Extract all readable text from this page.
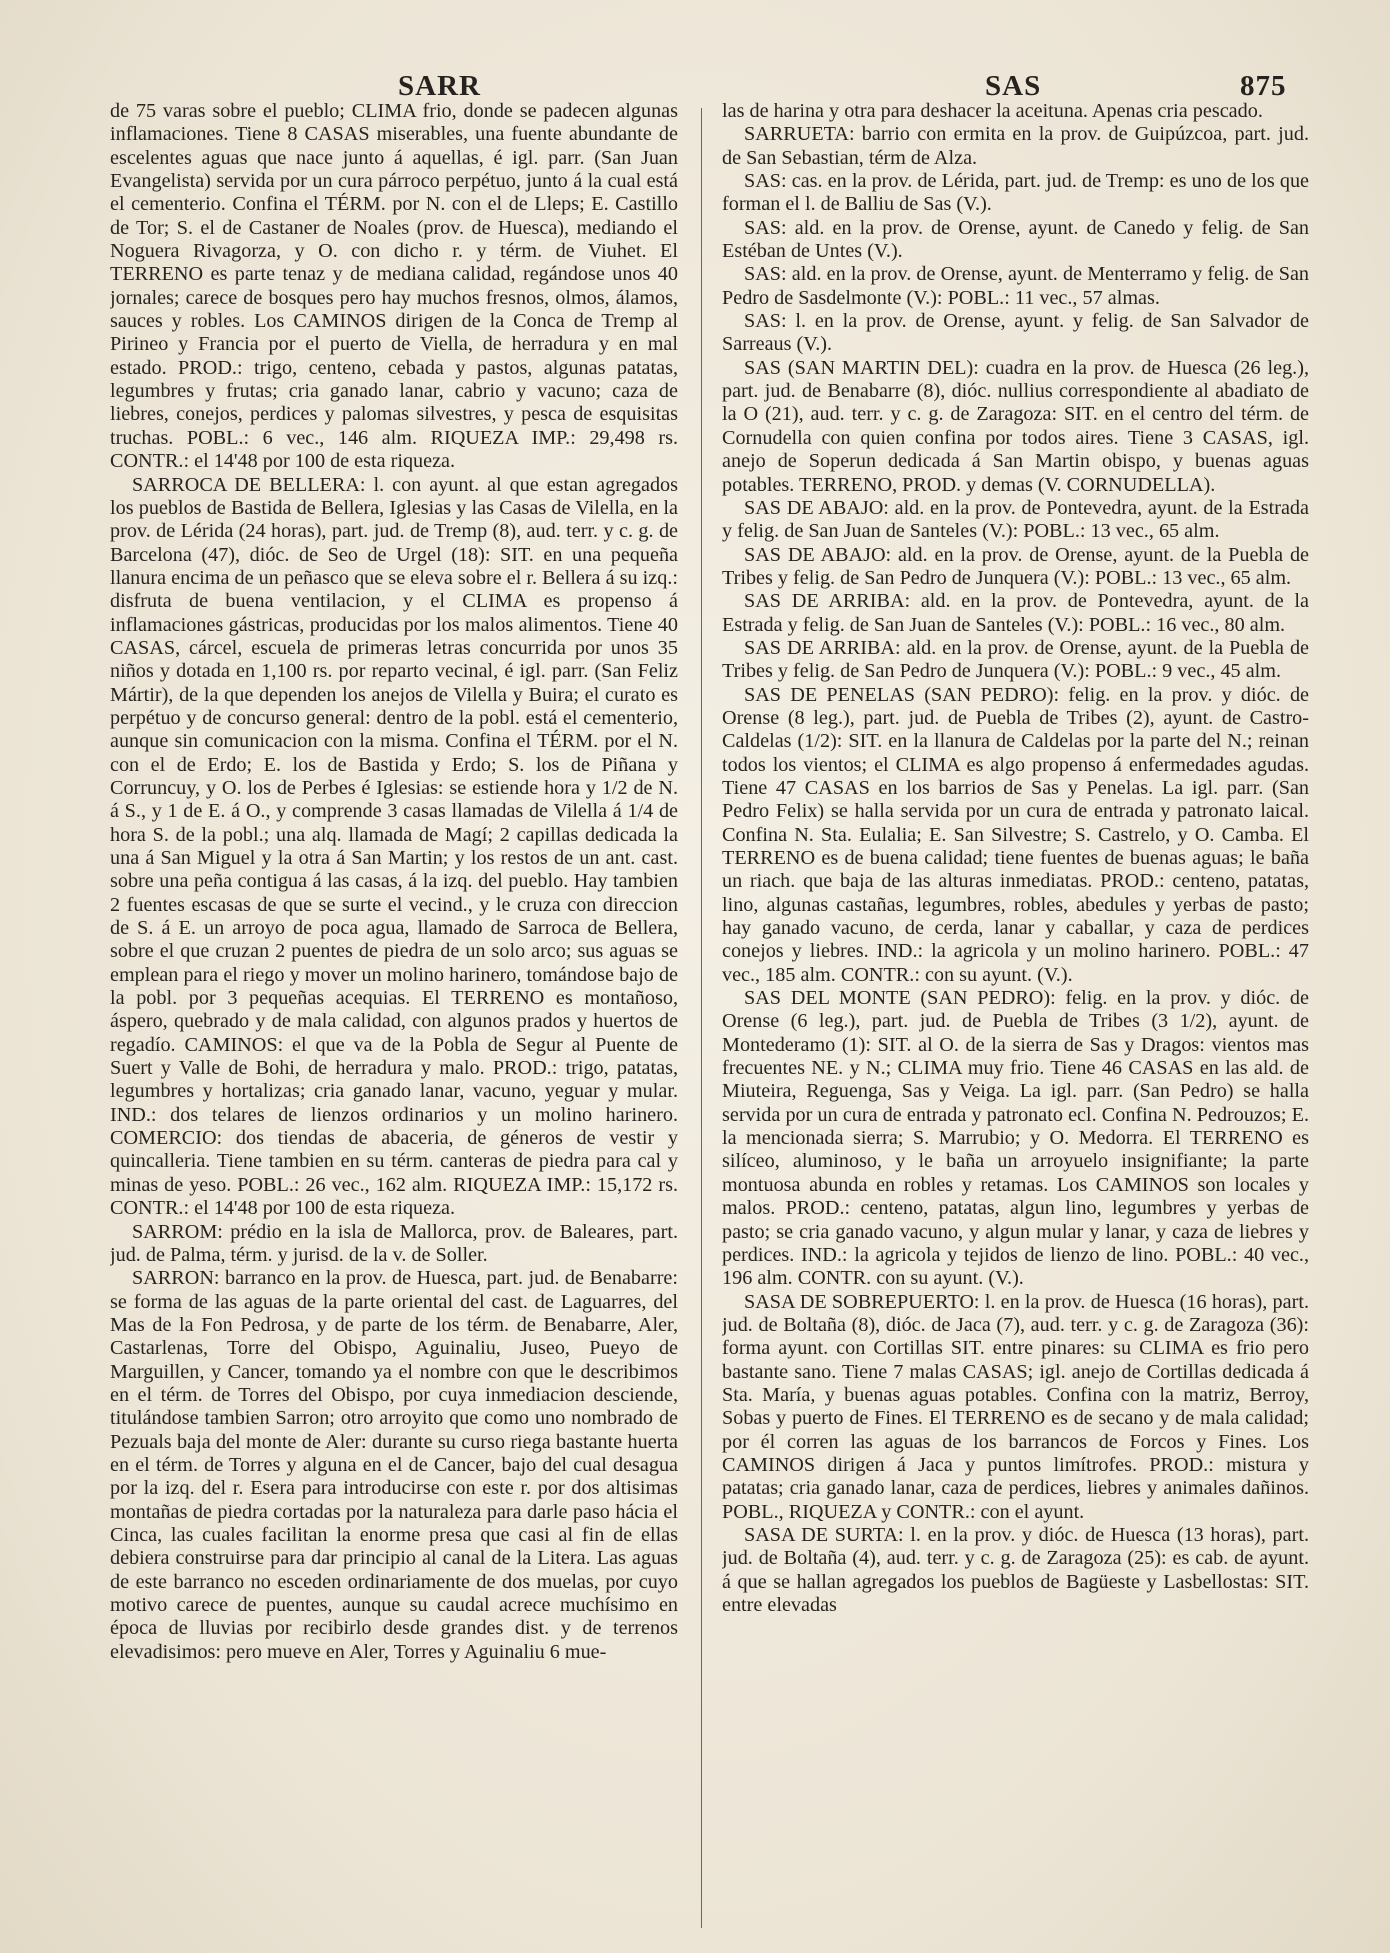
SARR	SAS	875

de 75 varas sobre el pueblo; CLIMA frio, donde se padecen algunas inflamaciones. Tiene 8 CASAS miserables, una fuente abundante de escelentes aguas que nace junto á aquellas, é igl. parr. (San Juan Evangelista) servida por un cura párroco perpétuo, junto á la cual está el cementerio. Confina el TÉRM. por N. con el de Lleps; E. Castillo de Tor; S. el de Castaner de Noales (prov. de Huesca), mediando el Noguera Rivagorza, y O. con dicho r. y térm. de Viuhet. El TERRENO es parte tenaz y de mediana calidad, regándose unos 40 jornales; carece de bosques pero hay muchos fresnos, olmos, álamos, sauces y robles. Los CAMINOS dirigen de la Conca de Tremp al Pirineo y Francia por el puerto de Viella, de herradura y en mal estado. PROD.: trigo, centeno, cebada y pastos, algunas patatas, legumbres y frutas; cria ganado lanar, cabrio y vacuno; caza de liebres, conejos, perdices y palomas silvestres, y pesca de esquisitas truchas. POBL.: 6 vec., 146 alm. RIQUEZA IMP.: 29,498 rs. CONTR.: el 14'48 por 100 de esta riqueza.

SARROCA DE BELLERA: l. con ayunt. al que estan agregados los pueblos de Bastida de Bellera, Iglesias y las Casas de Vilella, en la prov. de Lérida (24 horas), part. jud. de Tremp (8), aud. terr. y c. g. de Barcelona (47), dióc. de Seo de Urgel (18): SIT. en una pequeña llanura encima de un peñasco que se eleva sobre el r. Bellera á su izq.: disfruta de buena ventilacion, y el CLIMA es propenso á inflamaciones gástricas, producidas por los malos alimentos. Tiene 40 CASAS, cárcel, escuela de primeras letras concurrida por unos 35 niños y dotada en 1,100 rs. por reparto vecinal, é igl. parr. (San Feliz Mártir), de la que dependen los anejos de Vilella y Buira; el curato es perpétuo y de concurso general: dentro de la pobl. está el cementerio, aunque sin comunicacion con la misma. Confina el TÉRM. por el N. con el de Erdo; E. los de Bastida y Erdo; S. los de Piñana y Corruncuy, y O. los de Perbes é Iglesias: se estiende hora y 1/2 de N. á S., y 1 de E. á O., y comprende 3 casas llamadas de Vilella á 1/4 de hora S. de la pobl.; una alq. llamada de Magí; 2 capillas dedicada la una á San Miguel y la otra á San Martin; y los restos de un ant. cast. sobre una peña contigua á las casas, á la izq. del pueblo. Hay tambien 2 fuentes escasas de que se surte el vecind., y le cruza con direccion de S. á E. un arroyo de poca agua, llamado de Sarroca de Bellera, sobre el que cruzan 2 puentes de piedra de un solo arco; sus aguas se emplean para el riego y mover un molino harinero, tomándose bajo de la pobl. por 3 pequeñas acequias. El TERRENO es montañoso, áspero, quebrado y de mala calidad, con algunos prados y huertos de regadío. CAMINOS: el que va de la Pobla de Segur al Puente de Suert y Valle de Bohi, de herradura y malo. PROD.: trigo, patatas, legumbres y hortalizas; cria ganado lanar, vacuno, yeguar y mular. IND.: dos telares de lienzos ordinarios y un molino harinero. COMERCIO: dos tiendas de abaceria, de géneros de vestir y quincalleria. Tiene tambien en su térm. canteras de piedra para cal y minas de yeso. POBL.: 26 vec., 162 alm. RIQUEZA IMP.: 15,172 rs. CONTR.: el 14'48 por 100 de esta riqueza.

SARROM: prédio en la isla de Mallorca, prov. de Baleares, part. jud. de Palma, térm. y jurisd. de la v. de Soller.

SARRON: barranco en la prov. de Huesca, part. jud. de Benabarre: se forma de las aguas de la parte oriental del cast. de Laguarres, del Mas de la Fon Pedrosa, y de parte de los térm. de Benabarre, Aler, Castarlenas, Torre del Obispo, Aguinaliu, Juseo, Pueyo de Marguillen, y Cancer, tomando ya el nombre con que le describimos en el térm. de Torres del Obispo, por cuya inmediacion desciende, titulándose tambien Sarron; otro arroyito que como uno nombrado de Pezuals baja del monte de Aler: durante su curso riega bastante huerta en el térm. de Torres y alguna en el de Cancer, bajo del cual desagua por la izq. del r. Esera para introducirse con este r. por dos altisimas montañas de piedra cortadas por la naturaleza para darle paso hácia el Cinca, las cuales facilitan la enorme presa que casi al fin de ellas debiera construirse para dar principio al canal de la Litera. Las aguas de este barranco no esceden ordinariamente de dos muelas, por cuyo motivo carece de puentes, aunque su caudal acrece muchísimo en época de lluvias por recibirlo desde grandes dist. y de terrenos elevadisimos: pero mueve en Aler, Torres y Aguinaliu 6 mue-

las de harina y otra para deshacer la aceituna. Apenas cria pescado.

SARRUETA: barrio con ermita en la prov. de Guipúzcoa, part. jud. de San Sebastian, térm de Alza.

SAS: cas. en la prov. de Lérida, part. jud. de Tremp: es uno de los que forman el l. de Balliu de Sas (V.).

SAS: ald. en la prov. de Orense, ayunt. de Canedo y felig. de San Estéban de Untes (V.).

SAS: ald. en la prov. de Orense, ayunt. de Menterramo y felig. de San Pedro de Sasdelmonte (V.): POBL.: 11 vec., 57 almas.

SAS: l. en la prov. de Orense, ayunt. y felig. de San Salvador de Sarreaus (V.).

SAS (SAN MARTIN DEL): cuadra en la prov. de Huesca (26 leg.), part. jud. de Benabarre (8), dióc. nullius correspondiente al abadiato de la O (21), aud. terr. y c. g. de Zaragoza: SIT. en el centro del térm. de Cornudella con quien confina por todos aires. Tiene 3 CASAS, igl. anejo de Soperun dedicada á San Martin obispo, y buenas aguas potables. TERRENO, PROD. y demas (V. CORNUDELLA).

SAS DE ABAJO: ald. en la prov. de Pontevedra, ayunt. de la Estrada y felig. de San Juan de Santeles (V.): POBL.: 13 vec., 65 alm.

SAS DE ABAJO: ald. en la prov. de Orense, ayunt. de la Puebla de Tribes y felig. de San Pedro de Junquera (V.): POBL.: 13 vec., 65 alm.

SAS DE ARRIBA: ald. en la prov. de Pontevedra, ayunt. de la Estrada y felig. de San Juan de Santeles (V.): POBL.: 16 vec., 80 alm.

SAS DE ARRIBA: ald. en la prov. de Orense, ayunt. de la Puebla de Tribes y felig. de San Pedro de Junquera (V.): POBL.: 9 vec., 45 alm.

SAS DE PENELAS (SAN PEDRO): felig. en la prov. y dióc. de Orense (8 leg.), part. jud. de Puebla de Tribes (2), ayunt. de Castro-Caldelas (1/2): SIT. en la llanura de Caldelas por la parte del N.; reinan todos los vientos; el CLIMA es algo propenso á enfermedades agudas. Tiene 47 CASAS en los barrios de Sas y Penelas. La igl. parr. (San Pedro Felix) se halla servida por un cura de entrada y patronato laical. Confina N. Sta. Eulalia; E. San Silvestre; S. Castrelo, y O. Camba. El TERRENO es de buena calidad; tiene fuentes de buenas aguas; le baña un riach. que baja de las alturas inmediatas. PROD.: centeno, patatas, lino, algunas castañas, legumbres, robles, abedules y yerbas de pasto; hay ganado vacuno, de cerda, lanar y caballar, y caza de perdices conejos y liebres. IND.: la agricola y un molino harinero. POBL.: 47 vec., 185 alm. CONTR.: con su ayunt. (V.).

SAS DEL MONTE (SAN PEDRO): felig. en la prov. y dióc. de Orense (6 leg.), part. jud. de Puebla de Tribes (3 1/2), ayunt. de Montederamo (1): SIT. al O. de la sierra de Sas y Dragos: vientos mas frecuentes NE. y N.; CLIMA muy frio. Tiene 46 CASAS en las ald. de Miuteira, Reguenga, Sas y Veiga. La igl. parr. (San Pedro) se halla servida por un cura de entrada y patronato ecl. Confina N. Pedrouzos; E. la mencionada sierra; S. Marrubio; y O. Medorra. El TERRENO es silíceo, aluminoso, y le baña un arroyuelo insignifiante; la parte montuosa abunda en robles y retamas. Los CAMINOS son locales y malos. PROD.: centeno, patatas, algun lino, legumbres y yerbas de pasto; se cria ganado vacuno, y algun mular y lanar, y caza de liebres y perdices. IND.: la agricola y tejidos de lienzo de lino. POBL.: 40 vec., 196 alm. CONTR. con su ayunt. (V.).

SASA DE SOBREPUERTO: l. en la prov. de Huesca (16 horas), part. jud. de Boltaña (8), dióc. de Jaca (7), aud. terr. y c. g. de Zaragoza (36): forma ayunt. con Cortillas SIT. entre pinares: su CLIMA es frio pero bastante sano. Tiene 7 malas CASAS; igl. anejo de Cortillas dedicada á Sta. María, y buenas aguas potables. Confina con la matriz, Berroy, Sobas y puerto de Fines. El TERRENO es de secano y de mala calidad; por él corren las aguas de los barrancos de Forcos y Fines. Los CAMINOS dirigen á Jaca y puntos limítrofes. PROD.: mistura y patatas; cria ganado lanar, caza de perdices, liebres y animales dañinos. POBL., RIQUEZA y CONTR.: con el ayunt.

SASA DE SURTA: l. en la prov. y dióc. de Huesca (13 horas), part. jud. de Boltaña (4), aud. terr. y c. g. de Zaragoza (25): es cab. de ayunt. á que se hallan agregados los pueblos de Bagüeste y Lasbellostas: SIT. entre elevadas
